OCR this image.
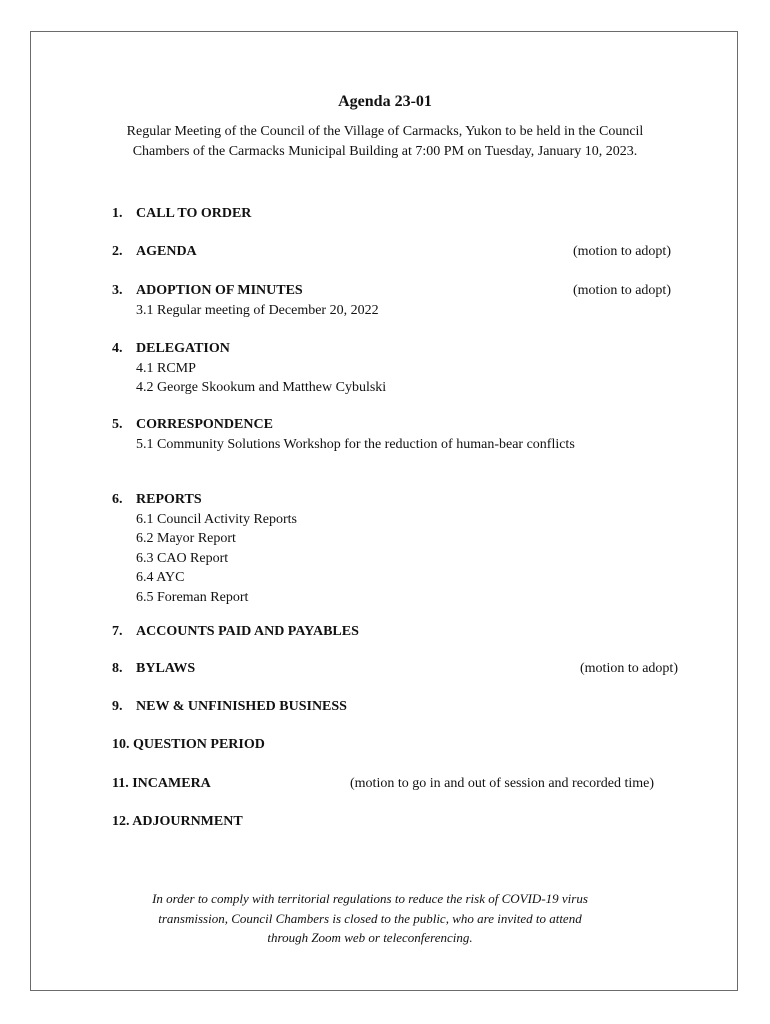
Agenda 23-01
Regular Meeting of the Council of the Village of Carmacks, Yukon to be held in the Council
Chambers of the Carmacks Municipal Building at 7:00 PM on Tuesday, January 10, 2023.
1. CALL TO ORDER
2. AGENDA	(motion to adopt)
3. ADOPTION OF MINUTES	(motion to adopt)
3.1 Regular meeting of December 20, 2022
4. DELEGATION
4.1 RCMP
4.2 George Skookum and Matthew Cybulski
5. CORRESPONDENCE
5.1 Community Solutions Workshop for the reduction of human-bear conflicts
6. REPORTS
6.1 Council Activity Reports
6.2 Mayor Report
6.3 CAO Report
6.4 AYC
6.5 Foreman Report
7. ACCOUNTS PAID AND PAYABLES
8. BYLAWS	(motion to adopt)
9. NEW & UNFINISHED BUSINESS
10. QUESTION PERIOD
11. INCAMERA	(motion to go in and out of session and recorded time)
12. ADJOURNMENT
In order to comply with territorial regulations to reduce the risk of COVID-19 virus
transmission, Council Chambers is closed to the public, who are invited to attend
through Zoom web or teleconferencing.
